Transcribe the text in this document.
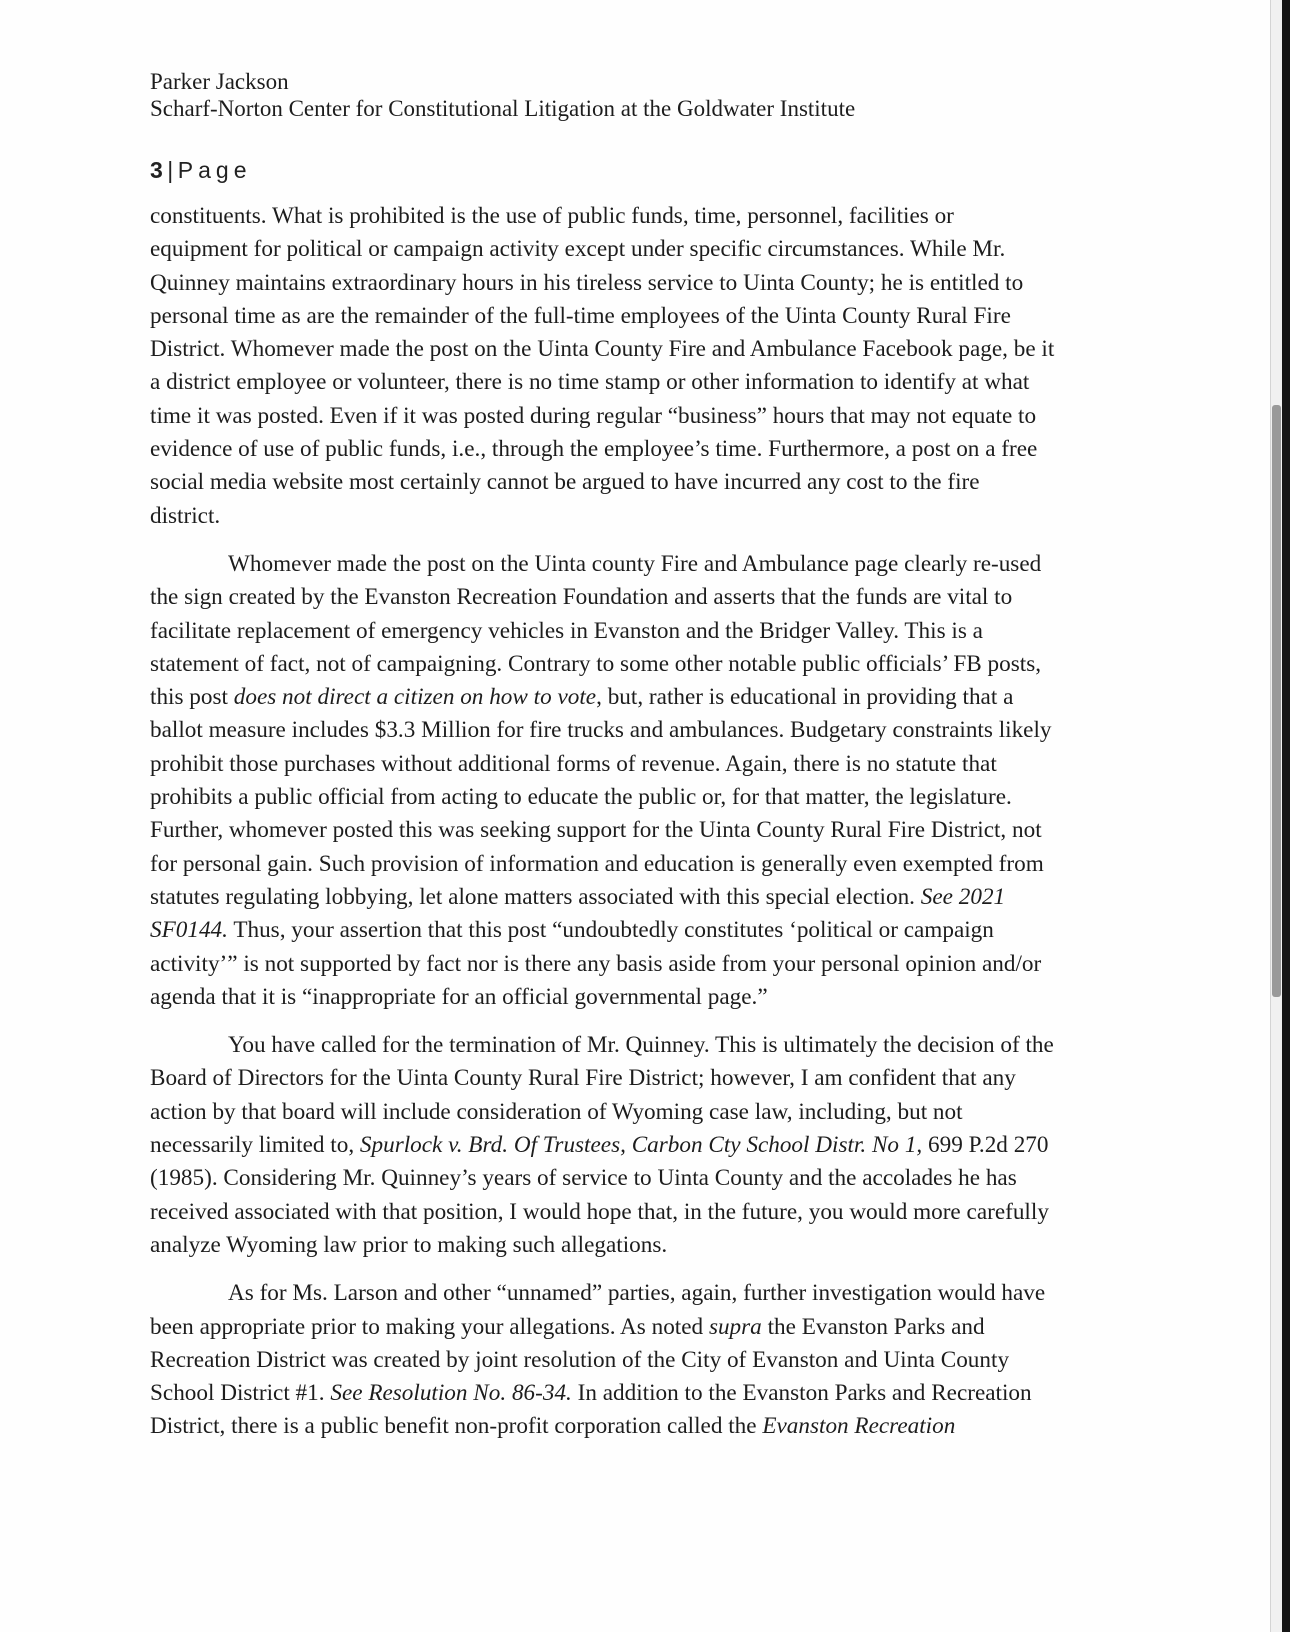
Parker Jackson

Scharf-Norton Center for Constitutional Litigation at the Goldwater Institute

3 | Page
constituents. What is prohibited is the use of public funds, time, personnel, facilities or
equipment for political or campaign activity except under specific circumstances. While Mr.
Quinney maintains extraordinary hours in his tireless service to Uinta County; he is entitled to
personal time as are the remainder of the full-time employees of the Uinta County Rural Fire
District. Whomever made the post on the Uinta County Fire and Ambulance Facebook page, be it
a district employee or volunteer, there is no time stamp or other information to identify at what
time it was posted. Even if it was posted during regular “business” hours that may not equate to
evidence of use of public funds, i.e., through the employee’s time. Furthermore, a post on a free
social media website most certainly cannot be argued to have incurred any cost to the fire
district.
Whomever made the post on the Uinta county Fire and Ambulance page clearly re-used
the sign created by the Evanston Recreation Foundation and asserts that the funds are vital to
facilitate replacement of emergency vehicles in Evanston and the Bridger Valley. This is a
statement of fact, not of campaigning. Contrary to some other notable public officials’ FB posts,
this post does not direct a citizen on how to vote, but, rather is educational in providing that a
ballot measure includes $3.3 Million for fire trucks and ambulances. Budgetary constraints likely
prohibit those purchases without additional forms of revenue. Again, there is no statute that
prohibits a public official from acting to educate the public or, for that matter, the legislature.
Further, whomever posted this was seeking support for the Uinta County Rural Fire District, not
for personal gain. Such provision of information and education is generally even exempted from
statutes regulating lobbying, let alone matters associated with this special election. See 2021
SF0144. Thus, your assertion that this post “undoubtedly constitutes ‘political or campaign
activity’” is not supported by fact nor is there any basis aside from your personal opinion and/or
agenda that it is “inappropriate for an official governmental page.”
You have called for the termination of Mr. Quinney. This is ultimately the decision of the
Board of Directors for the Uinta County Rural Fire District; however, I am confident that any
action by that board will include consideration of Wyoming case law, including, but not
necessarily limited to, Spurlock v. Brd. Of Trustees, Carbon Cty School Distr. No 1, 699 P.2d 270
(1985). Considering Mr. Quinney’s years of service to Uinta County and the accolades he has
received associated with that position, I would hope that, in the future, you would more carefully
analyze Wyoming law prior to making such allegations.
As for Ms. Larson and other “unnamed” parties, again, further investigation would have
been appropriate prior to making your allegations. As noted supra the Evanston Parks and
Recreation District was created by joint resolution of the City of Evanston and Uinta County
School District #1. See Resolution No. 86-34. In addition to the Evanston Parks and Recreation
District, there is a public benefit non-profit corporation called the Evanston Recreation
